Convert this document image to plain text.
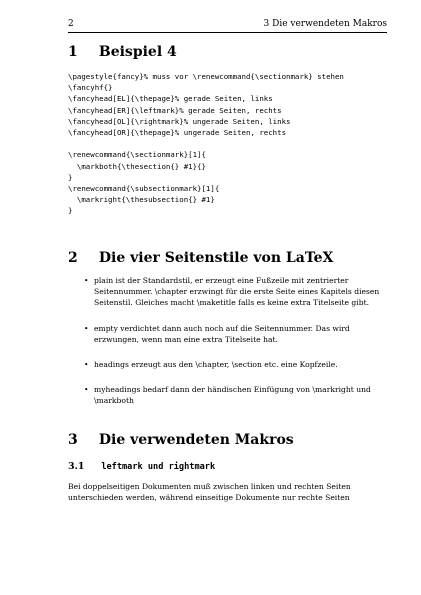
2	3 Die verwendeten Makros
1 Beispiel 4
\pagestyle{fancy}% muss vor \renewcommand{\sectionmark} stehen
\fancyhf{}
\fancyhead[EL]{\thepage}% gerade Seiten, links
\fancyhead[ER]{\leftmark}% gerade Seiten, rechts
\fancyhead[OL]{\rightmark}% ungerade Seiten, links
\fancyhead[OR]{\thepage}% ungerade Seiten, rechts

\renewcommand{\sectionmark}[1]{
\markboth{\thesection{} #1}{}
}
\renewcommand{\subsectionmark}[1]{
\markright{\thesubsection{} #1}
}
2 Die vier Seitenstile von LaTeX
• plain ist der Standardstil, er erzeugt eine Fußzeile mit zentrierter Seitennummer. \chapter erzwingt für die erste Seite eines Kapitels diesen Seitenstil. Gleiches macht \maketitle falls es keine extra Titelseite gibt.
• empty verdichtet dann auch noch auf die Seitennummer. Das wird erzwungen, wenn man eine extra Titelseite hat.
• headings erzeugt aus den \chapter, \section etc. eine Kopfzeile.
• myheadings bedarf dann der händischen Einfügung von \markright und \markboth
3 Die verwendeten Makros
3.1 leftmark und rightmark

Bei doppelseitigen Dokumenten muß zwischen linken und rechten Seiten unterschieden werden, während einseitige Dokumente nur rechte Seiten
